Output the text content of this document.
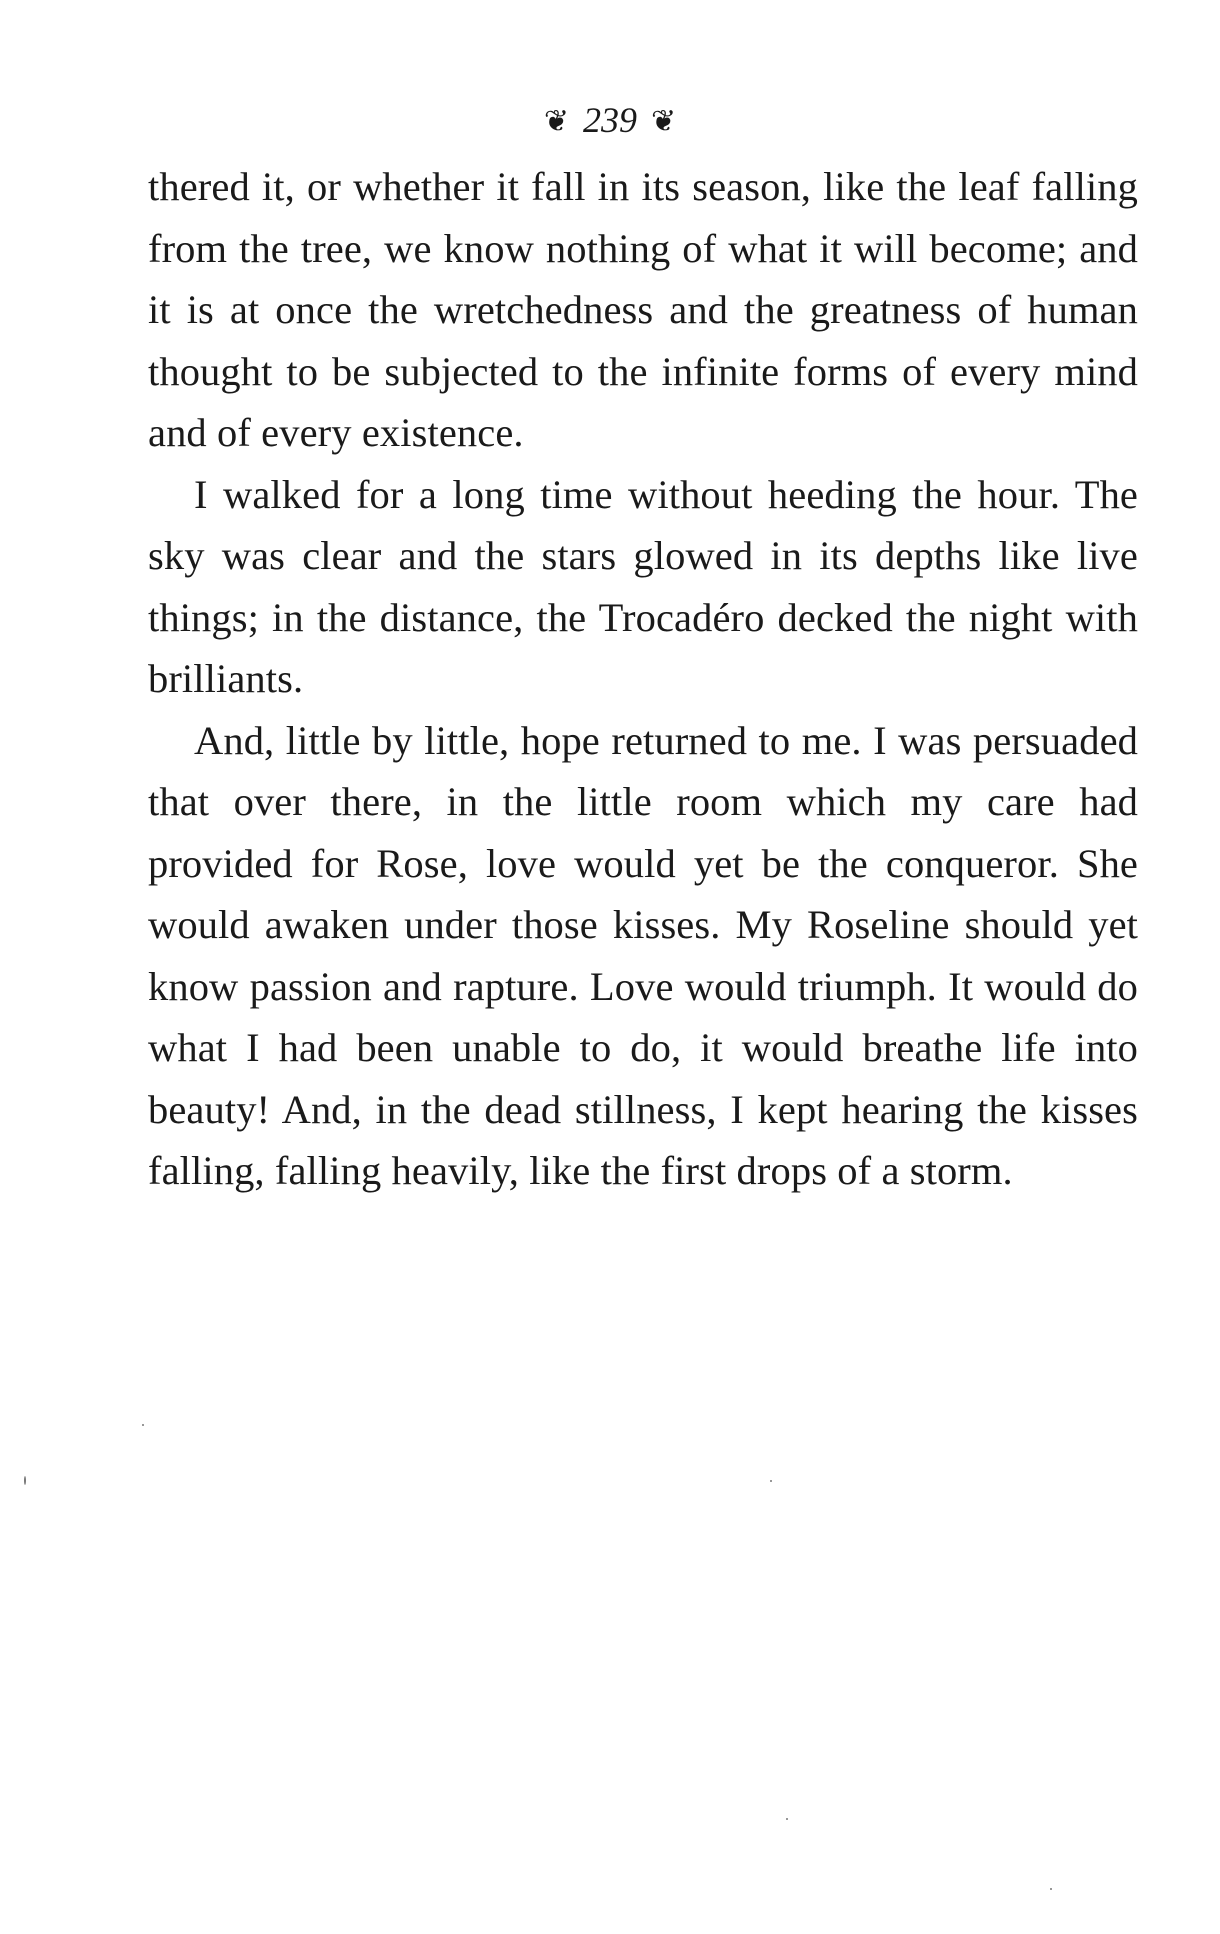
❦ 239 ❦

thered it, or whether it fall in its season, like the leaf falling from the tree, we know nothing of what it will become; and it is at once the wretchedness and the greatness of human thought to be subjected to the infinite forms of every mind and of every existence.

I walked for a long time without heeding the hour. The sky was clear and the stars glowed in its depths like live things; in the distance, the Trocadéro decked the night with brilliants.

And, little by little, hope returned to me. I was persuaded that over there, in the little room which my care had provided for Rose, love would yet be the conqueror. She would awaken under those kisses. My Roseline should yet know passion and rapture. Love would triumph. It would do what I had been unable to do, it would breathe life into beauty! And, in the dead stillness, I kept hearing the kisses falling, falling heavily, like the first drops of a storm.
